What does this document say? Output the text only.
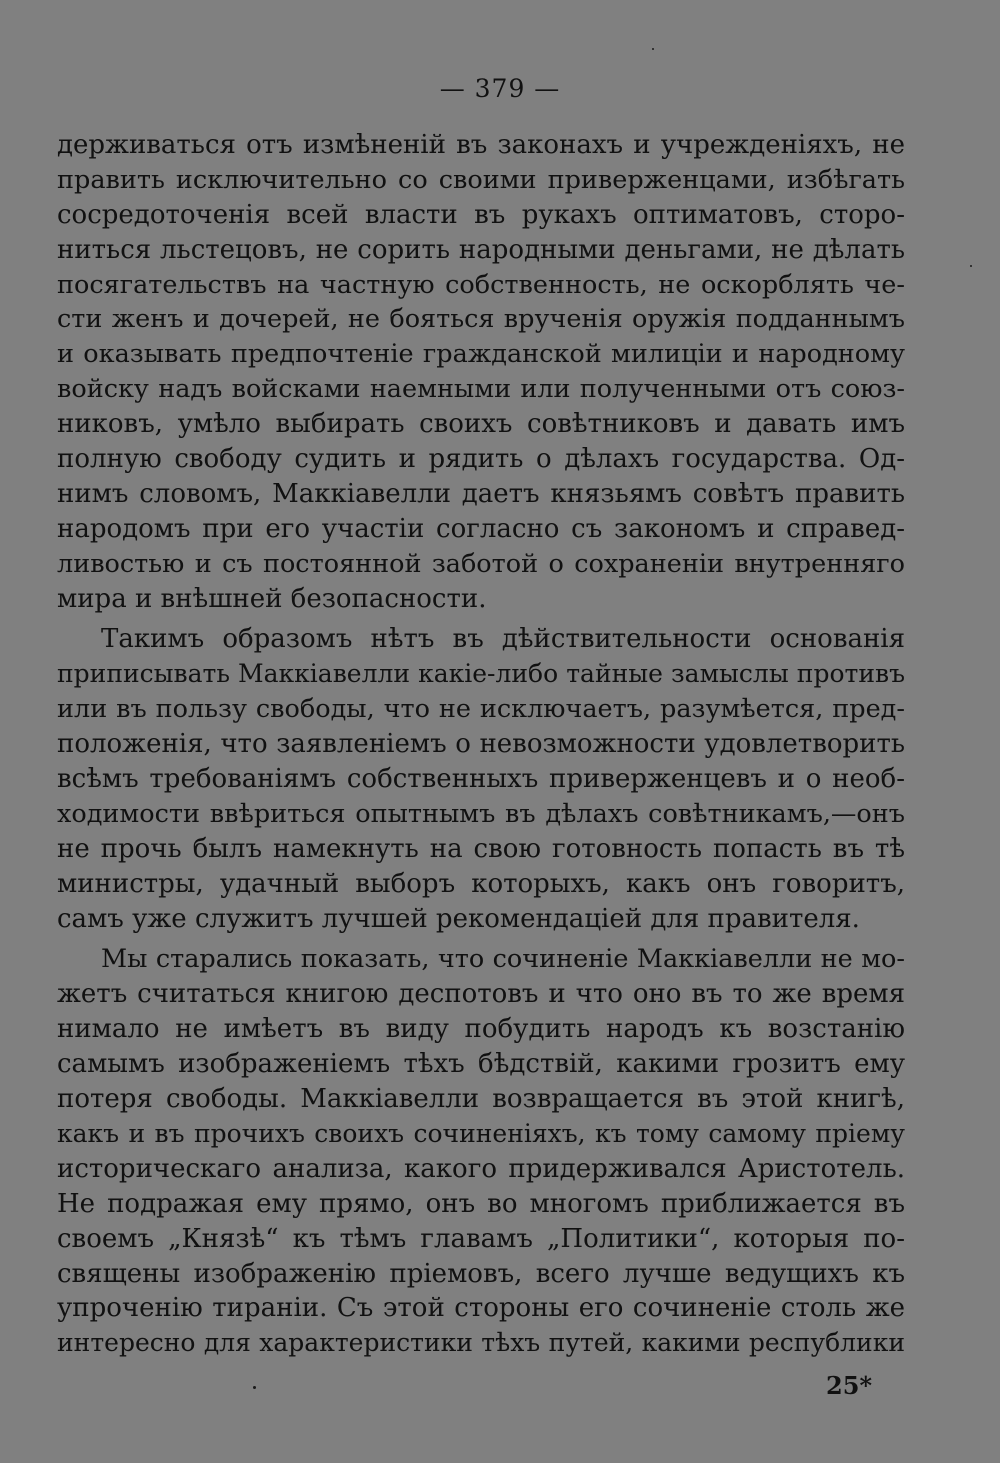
— 379 —
держиваться отъ измѣненій въ законахъ и учрежденіяхъ, не
править исключительно со своими приверженцами, избѣгать
сосредоточенія всей власти въ рукахъ оптиматовъ, сторо-
ниться льстецовъ, не сорить народными деньгами, не дѣлать
посягательствъ на частную собственность, не оскорблять че-
сти женъ и дочерей, не бояться врученія оружія подданнымъ
и оказывать предпочтеніе гражданской милиціи и народному
войску надъ войсками наемными или полученными отъ союз-
никовъ, умѣло выбирать своихъ совѣтниковъ и давать имъ
полную свободу судить и рядить о дѣлахъ государства. Од-
нимъ словомъ, Маккіавелли даетъ князьямъ совѣтъ править
народомъ при его участіи согласно съ закономъ и справед-
ливостью и съ постоянной заботой о сохраненіи внутренняго
мира и внѣшней безопасности.
Такимъ образомъ нѣтъ въ дѣйствительности основанія
приписывать Маккіавелли какіе-либо тайные замыслы противъ
или въ пользу свободы, что не исключаетъ, разумѣется, пред-
положенія, что заявленіемъ о невозможности удовлетворить
всѣмъ требованіямъ собственныхъ приверженцевъ и о необ-
ходимости ввѣриться опытнымъ въ дѣлахъ совѣтникамъ,—онъ
не прочь былъ намекнуть на свою готовность попасть въ тѣ
министры, удачный выборъ которыхъ, какъ онъ говоритъ,
самъ уже служитъ лучшей рекомендаціей для правителя.
Мы старались показать, что сочиненіе Маккіавелли не мо-
жетъ считаться книгою деспотовъ и что оно въ то же время
нимало не имѣетъ въ виду побудить народъ къ возстанію
самымъ изображеніемъ тѣхъ бѣдствій, какими грозитъ ему
потеря свободы. Маккіавелли возвращается въ этой книгѣ,
какъ и въ прочихъ своихъ сочиненіяхъ, къ тому самому пріему
историческаго анализа, какого придерживался Аристотель.
Не подражая ему прямо, онъ во многомъ приближается въ
своемъ „Князѣ“ къ тѣмъ главамъ „Политики“, которыя по-
священы изображенію пріемовъ, всего лучше ведущихъ къ
упроченію тираніи. Съ этой стороны его сочиненіе столь же
интересно для характеристики тѣхъ путей, какими республики
25*
